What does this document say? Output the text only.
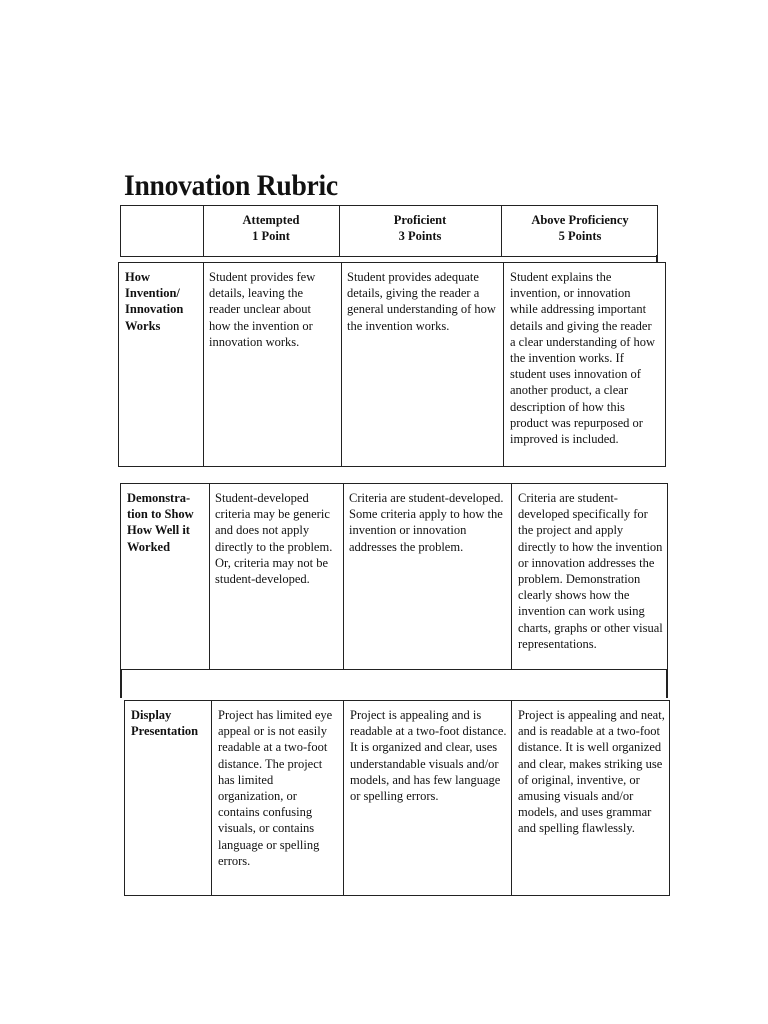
Innovation Rubric
Attempted
1 Point
Proficient
3 Points
Above Proficiency
5 Points
How Invention/ Innovation Works
Student provides few details, leaving the reader unclear about how the invention or innovation works.
Student provides adequate details, giving the reader a general understanding of how the invention works.
Student explains the invention, or innovation while addressing important details and giving the reader a clear understanding of how the invention works. If student uses innovation of another product, a clear description of how this product was repurposed or improved is included.
Demonstra-tion to Show How Well it Worked
Student-developed criteria may be generic and does not apply directly to the problem. Or, criteria may not be student-developed.
Criteria are student-developed. Some criteria apply to how the invention or innovation addresses the problem.
Criteria are student-developed specifically for the project and apply directly to how the invention or innovation addresses the problem. Demonstration clearly shows how the invention can work using charts, graphs or other visual representations.
Display Presentation
Project has limited eye appeal or is not easily readable at a two-foot distance. The project has limited organization, or contains confusing visuals, or contains language or spelling errors.
Project is appealing and is readable at a two-foot distance. It is organized and clear, uses understandable visuals and/or models, and has few language or spelling errors.
Project is appealing and neat, and is readable at a two-foot distance. It is well organized and clear, makes striking use of original, inventive, or amusing visuals and/or models, and uses grammar and spelling flawlessly.
